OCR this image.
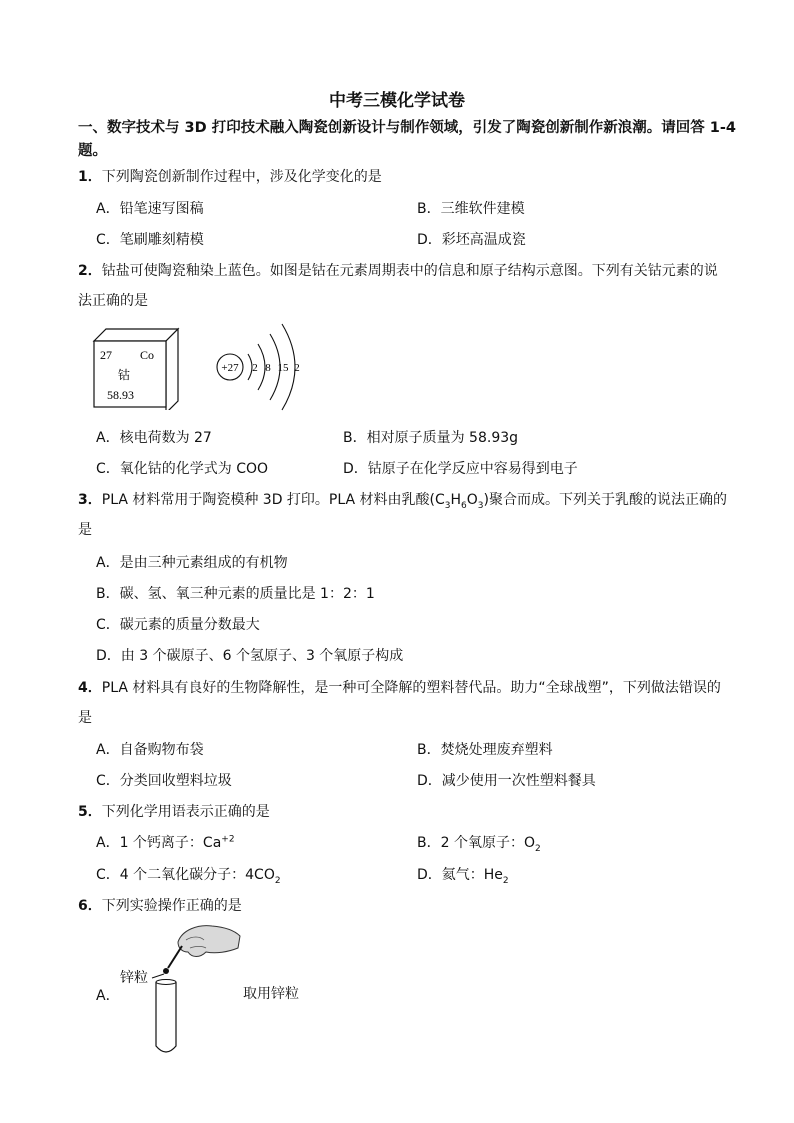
中考三模化学试卷
一、数字技术与 3D 打印技术融入陶瓷创新设计与制作领域，引发了陶瓷创新制作新浪潮。请回答 1-4 题。
1．下列陶瓷创新制作过程中，涉及化学变化的是
A．铅笔速写图稿	B．三维软件建模
C．笔刷雕刻精模	D．彩坯高温成瓷
2．钴盐可使陶瓷釉染上蓝色。如图是钴在元素周期表中的信息和原子结构示意图。下列有关钴元素的说
法正确的是
27 Co
钴
58.93
+27 2 8 15 2
A．核电荷数为 27	B．相对原子质量为 58.93g
C．氧化钴的化学式为 COO	D．钴原子在化学反应中容易得到电子
3．PLA 材料常用于陶瓷模种 3D 打印。PLA 材料由乳酸$(C_3H_6O_3)$聚合而成。下列关于乳酸的说法正确的
是
A．是由三种元素组成的有机物
B．碳、氢、氧三种元素的质量比是 1：2：1
C．碳元素的质量分数最大
D．由 3 个碳原子、6 个氢原子、3 个氧原子构成
4．PLA 材料具有良好的生物降解性，是一种可全降解的塑料替代品。助力“全球战塑”，下列做法错误的
是
A．自备购物布袋	B．焚烧处理废弃塑料
C．分类回收塑料垃圾	D．减少使用一次性塑料餐具
5．下列化学用语表示正确的是
A．1 个钙离子：$Ca^{+2}$	B．2 个氧原子：$O_2$
C．4 个二氧化碳分子：$4CO_2$	D．氦气：$He_2$
6．下列实验操作正确的是
A．
锌粒
取用锌粒
